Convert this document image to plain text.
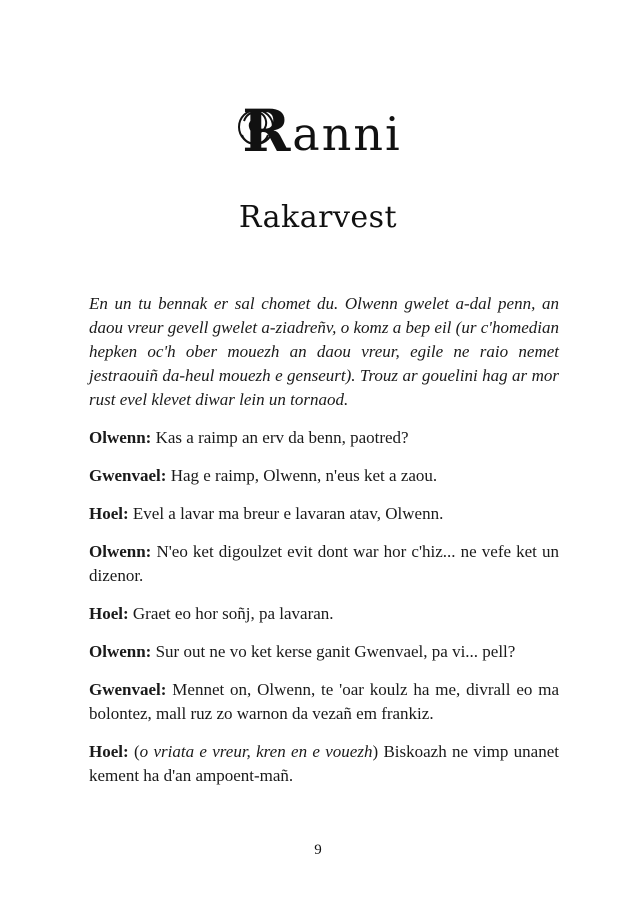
R anni
Rakarvest

En un tu bennak er sal chomet du. Olwenn gwelet a-dal penn, an daou vreur gevell gwelet a-ziadreñv, o komz a bep eil (ur c'homedian hepken oc'h ober mouezh an daou vreur, egile ne raio nemet jestraouiñ da-heul mouezh e genseurt). Trouz ar gouelini hag ar mor rust evel klevet diwar lein un tornaod.

Olwenn: Kas a raimp an erv da benn, paotred?

Gwenvael: Hag e raimp, Olwenn, n'eus ket a zaou.

Hoel: Evel a lavar ma breur e lavaran atav, Olwenn.

Olwenn: N'eo ket digoulzet evit dont war hor c'hiz... ne vefe ket un dizenor.

Hoel: Graet eo hor soñj, pa lavaran.

Olwenn: Sur out ne vo ket kerse ganit Gwenvael, pa vi... pell?

Gwenvael: Mennet on, Olwenn, te 'oar koulz ha me, divrall eo ma bolontez, mall ruz zo warnon da vezañ em frankiz.

Hoel: (o vriata e vreur, kren en e vouezh) Biskoazh ne vimp unanet kement ha d'an ampoent-mañ.

9
